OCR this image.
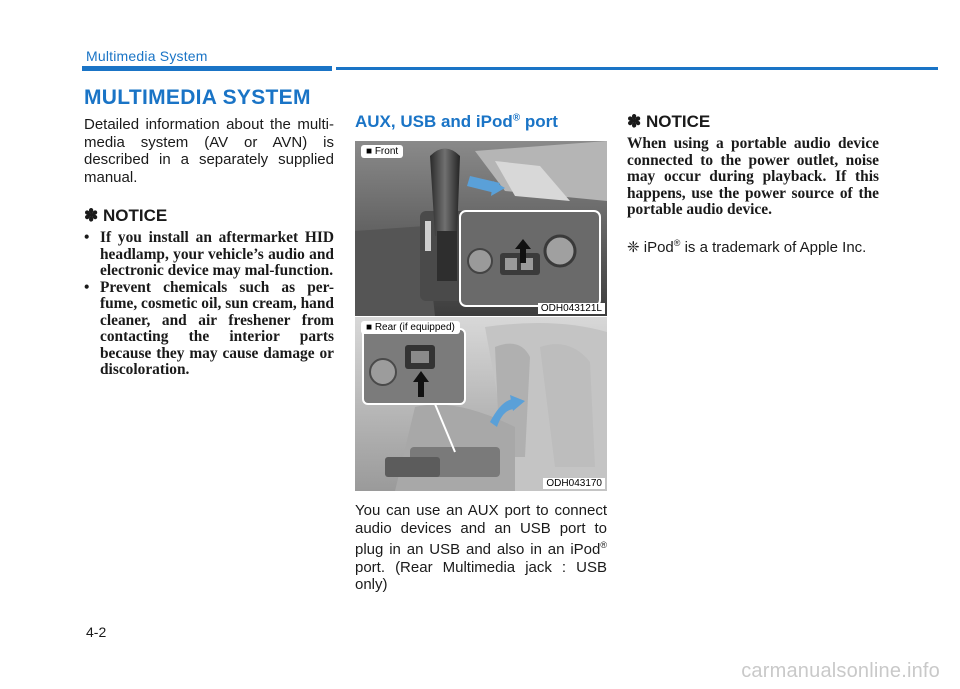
Multimedia System
MULTIMEDIA SYSTEM

Detailed information about the multi-media system (AV or AVN) is described in a separately supplied manual.

✽ NOTICE

• If you install an aftermarket HID headlamp, your vehicle’s audio and electronic device may mal-function.
• Prevent chemicals such as per-fume, cosmetic oil, sun cream, hand cleaner, and air freshener from contacting the interior parts because they may cause damage or discoloration.

AUX, USB and iPod® port

■ Front
ODH043121L
■ Rear (if equipped)
ODH043170

You can use an AUX port to connect audio devices and an USB port to plug in an USB and also in an iPod® port. (Rear Multimedia jack : USB only)

✽ NOTICE

When using a portable audio device connected to the power outlet, noise may occur during playback. If this happens, use the power source of the portable audio device.

❈ iPod® is a trademark of Apple Inc.

4-2
carmanualsonline.info
